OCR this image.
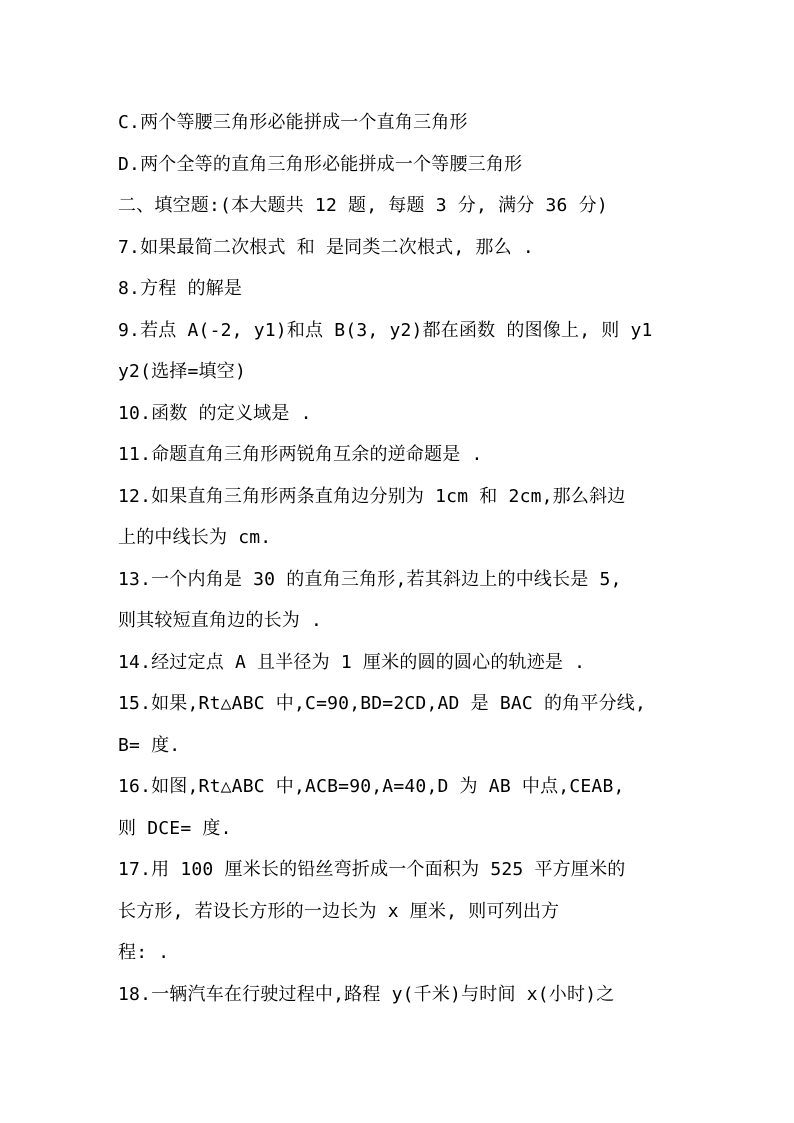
C.两个等腰三角形必能拼成一个直角三角形
D.两个全等的直角三角形必能拼成一个等腰三角形
二、填空题:(本大题共 12 题, 每题 3 分, 满分 36 分)
7.如果最简二次根式 和 是同类二次根式, 那么 .
8.方程 的解是
9.若点 A(-2, y1)和点 B(3, y2)都在函数 的图像上, 则 y1
y2(选择=填空)
10.函数 的定义域是 .
11.命题直角三角形两锐角互余的逆命题是 .
12.如果直角三角形两条直角边分别为 1cm 和 2cm,那么斜边
上的中线长为 cm.
13.一个内角是 30 的直角三角形,若其斜边上的中线长是 5,
则其较短直角边的长为 .
14.经过定点 A 且半径为 1 厘米的圆的圆心的轨迹是 .
15.如果,Rt△ABC 中,C=90,BD=2CD,AD 是 BAC 的角平分线,
B= 度.
16.如图,Rt△ABC 中,ACB=90,A=40,D 为 AB 中点,CEAB,
则 DCE= 度.
17.用 100 厘米长的铅丝弯折成一个面积为 525 平方厘米的
长方形, 若设长方形的一边长为 x 厘米, 则可列出方
程: .
18.一辆汽车在行驶过程中,路程 y(千米)与时间 x(小时)之
